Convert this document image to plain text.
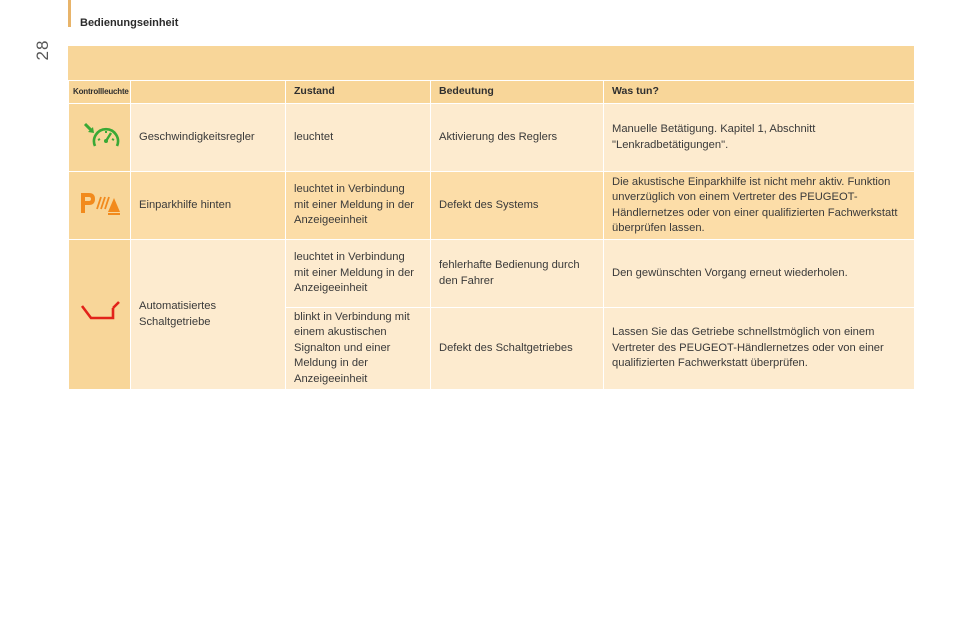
28
Bedienungseinheit
Kontrollleuchte		Zustand	Bedeutung	Was tun?
	Geschwindigkeitsregler	leuchtet	Aktivierung des Reglers	Manuelle Betätigung. Kapitel 1, Abschnitt "Lenkradbetätigungen".
	Einparkhilfe hinten	leuchtet in Verbindung mit einer Meldung in der Anzeigeeinheit	Defekt des Systems	Die akustische Einparkhilfe ist nicht mehr aktiv. Funktion unverzüglich von einem Vertreter des PEUGEOT-Händlernetzes oder von einer qualifizierten Fachwerkstatt überprüfen lassen.
	Automatisiertes Schaltgetriebe	leuchtet in Verbindung mit einer Meldung in der Anzeigeeinheit	fehlerhafte Bedienung durch den Fahrer	Den gewünschten Vorgang erneut wiederholen.
		blinkt in Verbindung mit einem akustischen Signalton und einer Meldung in der Anzeigeeinheit	Defekt des Schaltgetriebes	Lassen Sie das Getriebe schnellstmöglich von einem Vertreter des PEUGEOT-Händlernetzes oder von einer qualifizierten Fachwerkstatt überprüfen.
